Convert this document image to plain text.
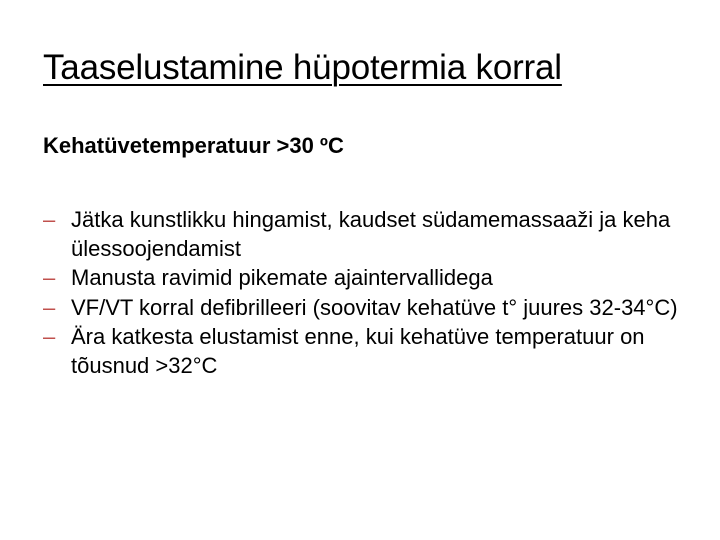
Taaselustamine hüpotermia korral

Kehatüvetemperatuur >30 ºC

– Jätka kunstlikku hingamist, kaudset südamemassaaži ja keha ülessoojendamist
– Manusta ravimid pikemate ajaintervallidega
– VF/VT korral defibrilleeri (soovitav kehatüve t° juures 32-34°C)
– Ära katkesta elustamist enne, kui kehatüve temperatuur on tõusnud >32°C
